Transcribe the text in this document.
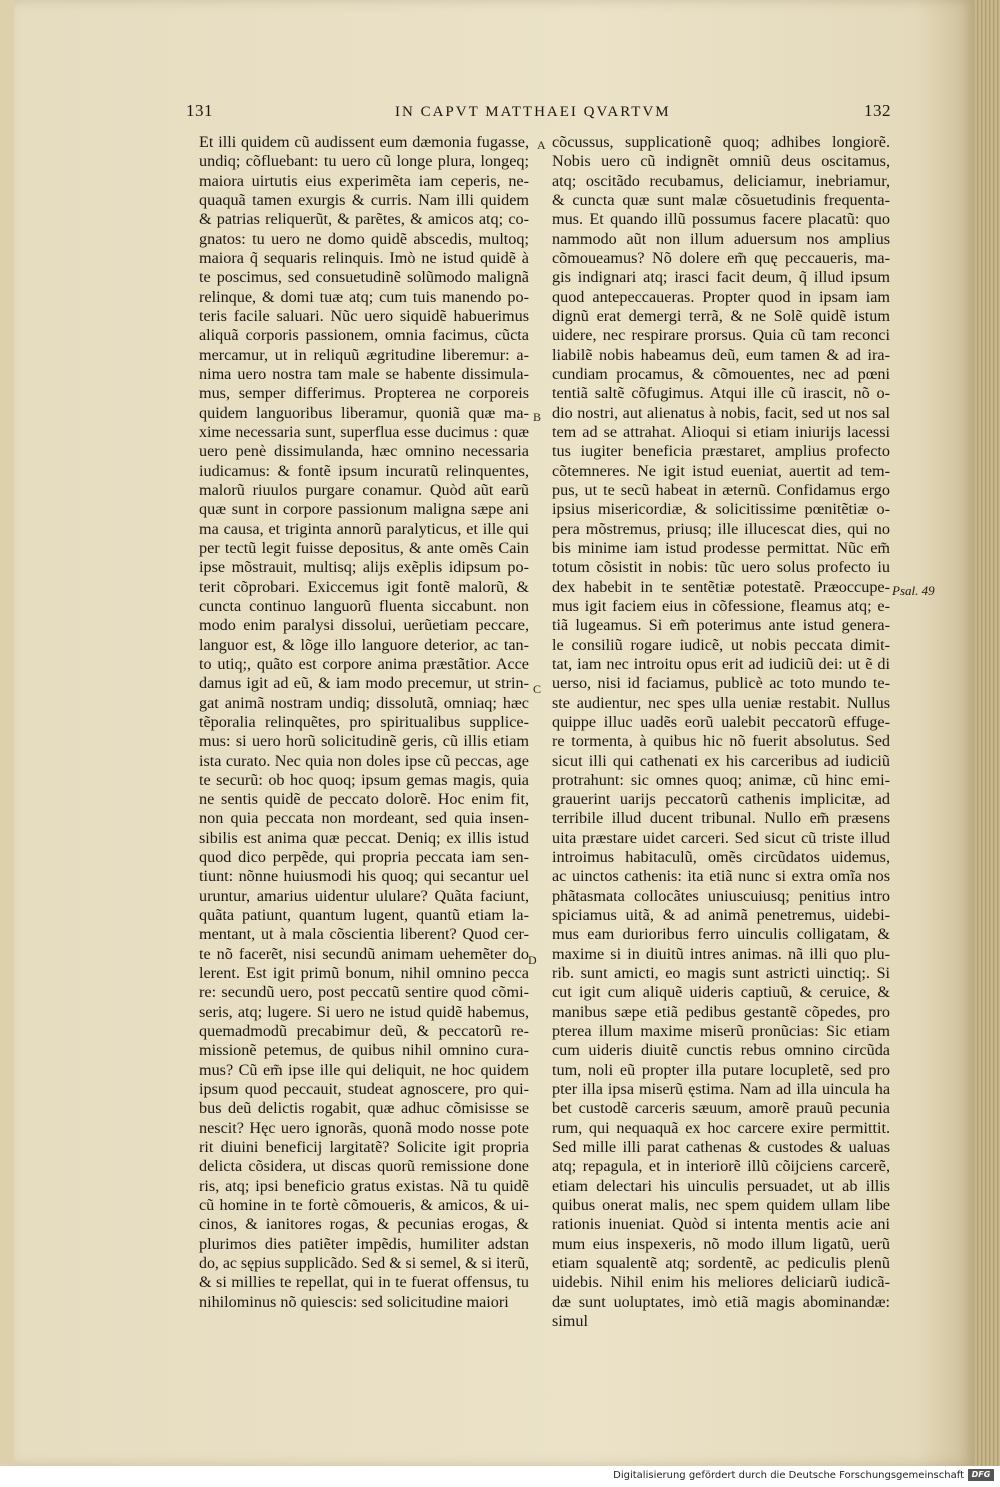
131	IN CAPVT MATTHAEI QVARTVM	132
Et illi quidem cũ audissent eum dæmonia fugasse,
undiq; cõfluebant: tu uero cũ longe plura, longeq;
maiora uirtutis eius experimẽta iam ceperis, ne-
quaquã tamen exurgis & curris. Nam illi quidem
& patrias reliquerũt, & parẽtes, & amicos atq; co-
gnatos: tu uero ne domo quidẽ abscedis, multoq;
maiora q̃ sequaris relinquis. Imò ne istud quidẽ à
te poscimus, sed consuetudinẽ solũmodo malignã
relinque, & domi tuæ atq; cum tuis manendo po-
teris facile saluari. Nũc uero siquidẽ habuerimus
aliquã corporis passionem, omnia facimus, cũcta
mercamur, ut in reliquũ ægritudine liberemur: a-
nima uero nostra tam male se habente dissimula-
mus, semper differimus. Propterea ne corporeis
quidem languoribus liberamur, quoniã quæ ma-
xime necessaria sunt, superflua esse ducimus : quæ
uero penè dissimulanda, hæc omnino necessaria
iudicamus: & fontẽ ipsum incuratũ relinquentes,
malorũ riuulos purgare conamur. Quòd aũt earũ
quæ sunt in corpore passionum maligna sæpe ani
ma causa, et triginta annorũ paralyticus, et ille qui
per tectũ legit fuisse depositus, & ante omẽs Cain
ipse mõstrauit, multisq; alijs exẽplis idipsum po-
terit cõprobari. Exiccemus igit fontẽ malorũ, &
cuncta continuo languorũ fluenta siccabunt. non
modo enim paralysi dissolui, uerũetiam peccare,
languor est, & lõge illo languore deterior, ac tan-
to utiq;, quãto est corpore anima præstãtior. Acce
damus igit ad eũ, & iam modo precemur, ut strin-
gat animã nostram undiq; dissolutã, omniaq; hæc
tẽporalia relinquẽtes, pro spiritualibus supplice-
mus: si uero horũ solicitudinẽ geris, cũ illis etiam
ista curato. Nec quia non doles ipse cũ peccas, age
te securũ: ob hoc quoq; ipsum gemas magis, quia
ne sentis quidẽ de peccato dolorẽ. Hoc enim fit,
non quia peccata non mordeant, sed quia insen-
sibilis est anima quæ peccat. Deniq; ex illis istud
quod dico perpẽde, qui propria peccata iam sen-
tiunt: nõnne huiusmodi his quoq; qui secantur uel
uruntur, amarius uidentur ululare? Quãta faciunt,
quãta patiunt, quantum lugent, quantũ etiam la-
mentant, ut à mala cõscientia liberent? Quod cer-
te nõ facerẽt, nisi secundũ animam uehemẽter do
lerent. Est igit primũ bonum, nihil omnino pecca
re: secundũ uero, post peccatũ sentire quod cõmi-
seris, atq; lugere. Si uero ne istud quidẽ habemus,
quemadmodũ precabimur deũ, & peccatorũ re-
missionẽ petemus, de quibus nihil omnino cura-
mus? Cũ em̃ ipse ille qui deliquit, ne hoc quidem
ipsum quod peccauit, studeat agnoscere, pro qui-
bus deũ delictis rogabit, quæ adhuc cõmisisse se
nescit? Hęc uero ignorãs, quonã modo nosse pote
rit diuini beneficij largitatẽ? Solicite igit propria
delicta cõsidera, ut discas quorũ remissione done
ris, atq; ipsi beneficio gratus existas. Nã tu quidẽ
cũ homine in te fortè cõmoueris, & amicos, & ui-
cinos, & ianitores rogas, & pecunias erogas, &
plurimos dies patiẽter impẽdis, humiliter adstan
do, ac sępius supplicãdo. Sed & si semel, & si iterũ,
& si millies te repellat, qui in te fuerat offensus, tu
nihilominus nõ quiescis: sed solicitudine maiori
cõcussus, supplicationẽ quoq; adhibes longiorẽ.
Nobis uero cũ indignẽt omniũ deus oscitamus,
atq; oscitãdo recubamus, deliciamur, inebriamur,
& cuncta quæ sunt malæ cõsuetudinis frequenta-
mus. Et quando illũ possumus facere placatũ: quo
nammodo aũt non illum aduersum nos amplius
cõmoueamus? Nõ dolere em̃ quę peccaueris, ma-
gis indignari atq; irasci facit deum, q̃ illud ipsum
quod antepeccaueras. Propter quod in ipsam iam
dignũ erat demergi terrã, & ne Solẽ quidẽ istum
uidere, nec respirare prorsus. Quia cũ tam reconci
liabilẽ nobis habeamus deũ, eum tamen & ad ira-
cundiam procamus, & cõmouentes, nec ad pœni
tentiã saltẽ cõfugimus. Atqui ille cũ irascit, nõ o-
dio nostri, aut alienatus à nobis, facit, sed ut nos sal
tem ad se attrahat. Alioqui si etiam iniurijs lacessi
tus iugiter beneficia præstaret, amplius profecto
cõtemneres. Ne igit istud eueniat, auertit ad tem-
pus, ut te secũ habeat in æternũ. Confidamus ergo
ipsius misericordiæ, & solicitissime pœnitẽtiæ o-
pera mõstremus, priusq; ille illucescat dies, qui no
bis minime iam istud prodesse permittat. Nũc em̃
totum cõsistit in nobis: tũc uero solus profecto iu
dex habebit in te sentẽtiæ potestatẽ. Præoccupe-
mus igit faciem eius in cõfessione, fleamus atq; e-
tiã lugeamus. Si em̃ poterimus ante istud genera-
le consiliũ rogare iudicẽ, ut nobis peccata dimit-
tat, iam nec introitu opus erit ad iudiciũ dei: ut ẽ di
uerso, nisi id faciamus, publicè ac toto mundo te-
ste audientur, nec spes ulla ueniæ restabit. Nullus
quippe illuc uadẽs eorũ ualebit peccatorũ effuge-
re tormenta, à quibus hic nõ fuerit absolutus. Sed
sicut illi qui cathenati ex his carceribus ad iudiciũ
protrahunt: sic omnes quoq; animæ, cũ hinc emi-
grauerint uarijs peccatorũ cathenis implicitæ, ad
terribile illud ducent tribunal. Nullo em̃ præsens
uita præstare uidet carceri. Sed sicut cũ triste illud
introimus habitaculũ, omẽs circũdatos uidemus,
ac uinctos cathenis: ita etiã nunc si extra omĩa nos
phãtasmata collocãtes uniuscuiusq; penitius intro
spiciamus uitã, & ad animã penetremus, uidebi-
mus eam durioribus ferro uinculis colligatam, &
maxime si in diuitũ intres animas. nã illi quo plu-
rib. sunt amicti, eo magis sunt astricti uinctiq;. Si
cut igit cum aliquẽ uideris captiuũ, & ceruice, &
manibus sæpe etiã pedibus gestantẽ cõpedes, pro
pterea illum maxime miserũ pronũcias: Sic etiam
cum uideris diuitẽ cunctis rebus omnino circũda
tum, noli eũ propter illa putare locupletẽ, sed pro
pter illa ipsa miserũ ęstima. Nam ad illa uincula ha
bet custodẽ carceris sæuum, amorẽ prauũ pecunia
rum, qui nequaquã ex hoc carcere exire permittit.
Sed mille illi parat cathenas & custodes & ualuas
atq; repagula, et in interiorẽ illũ cõijciens carcerẽ,
etiam delectari his uinculis persuadet, ut ab illis
quibus onerat malis, nec spem quidem ullam libe
rationis inueniat. Quòd si intenta mentis acie ani
mum eius inspexeris, nõ modo illum ligatũ, uerũ
etiam squalentẽ atq; sordentẽ, ac pediculis plenũ
uidebis. Nihil enim his meliores deliciarũ iudicã-
dæ sunt uoluptates, imò etiã magis abominandæ:
simul
A
B
C
D
Psal. 49
Digitalisierung gefördert durch die Deutsche Forschungsgemeinschaft DFG
